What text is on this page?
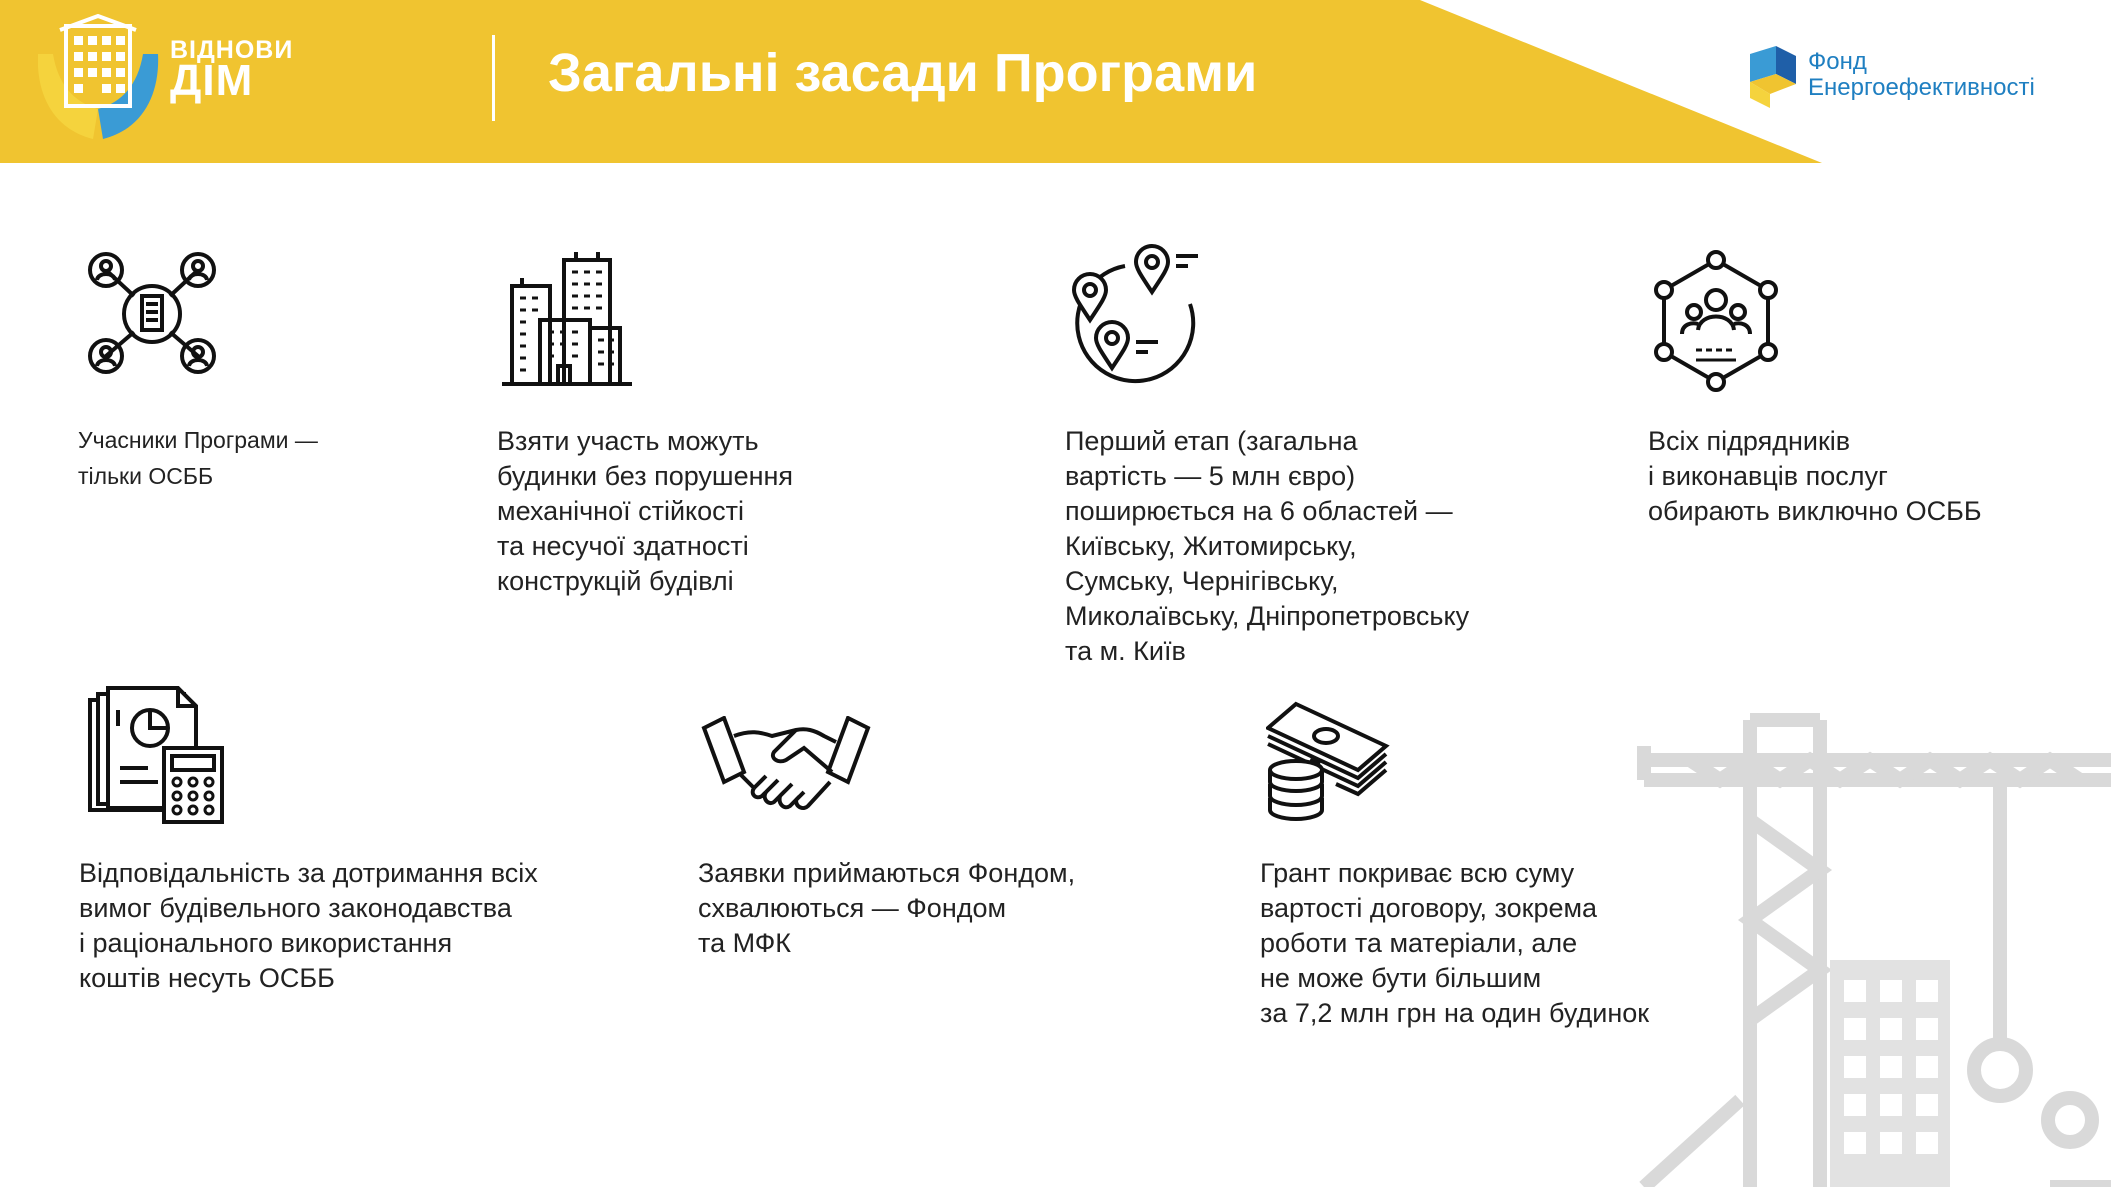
ВІДНОВИ
ДІМ	Загальні засади Програми	Фонд
Енергоефективності
Учасники Програми —
тільки ОСББ
Взяти участь можуть
будинки без порушення
механічної стійкості
та несучої здатності
конструкцій будівлі
Перший етап (загальна
вартість — 5 млн євро)
поширюється на 6 областей —
Київську, Житомирську,
Сумську, Чернігівську,
Миколаївську, Дніпропетровську
та м. Київ
Всіх підрядників
і виконавців послуг
обирають виключно ОСББ
Відповідальність за дотримання всіх
вимог будівельного законодавства
і раціонального використання
коштів несуть ОСББ
Заявки приймаються Фондом,
схвалюються — Фондом
та МФК
Грант покриває всю суму
вартості договору, зокрема
роботи та матеріали, але
не може бути більшим
за 7,2 млн грн на один будинок
